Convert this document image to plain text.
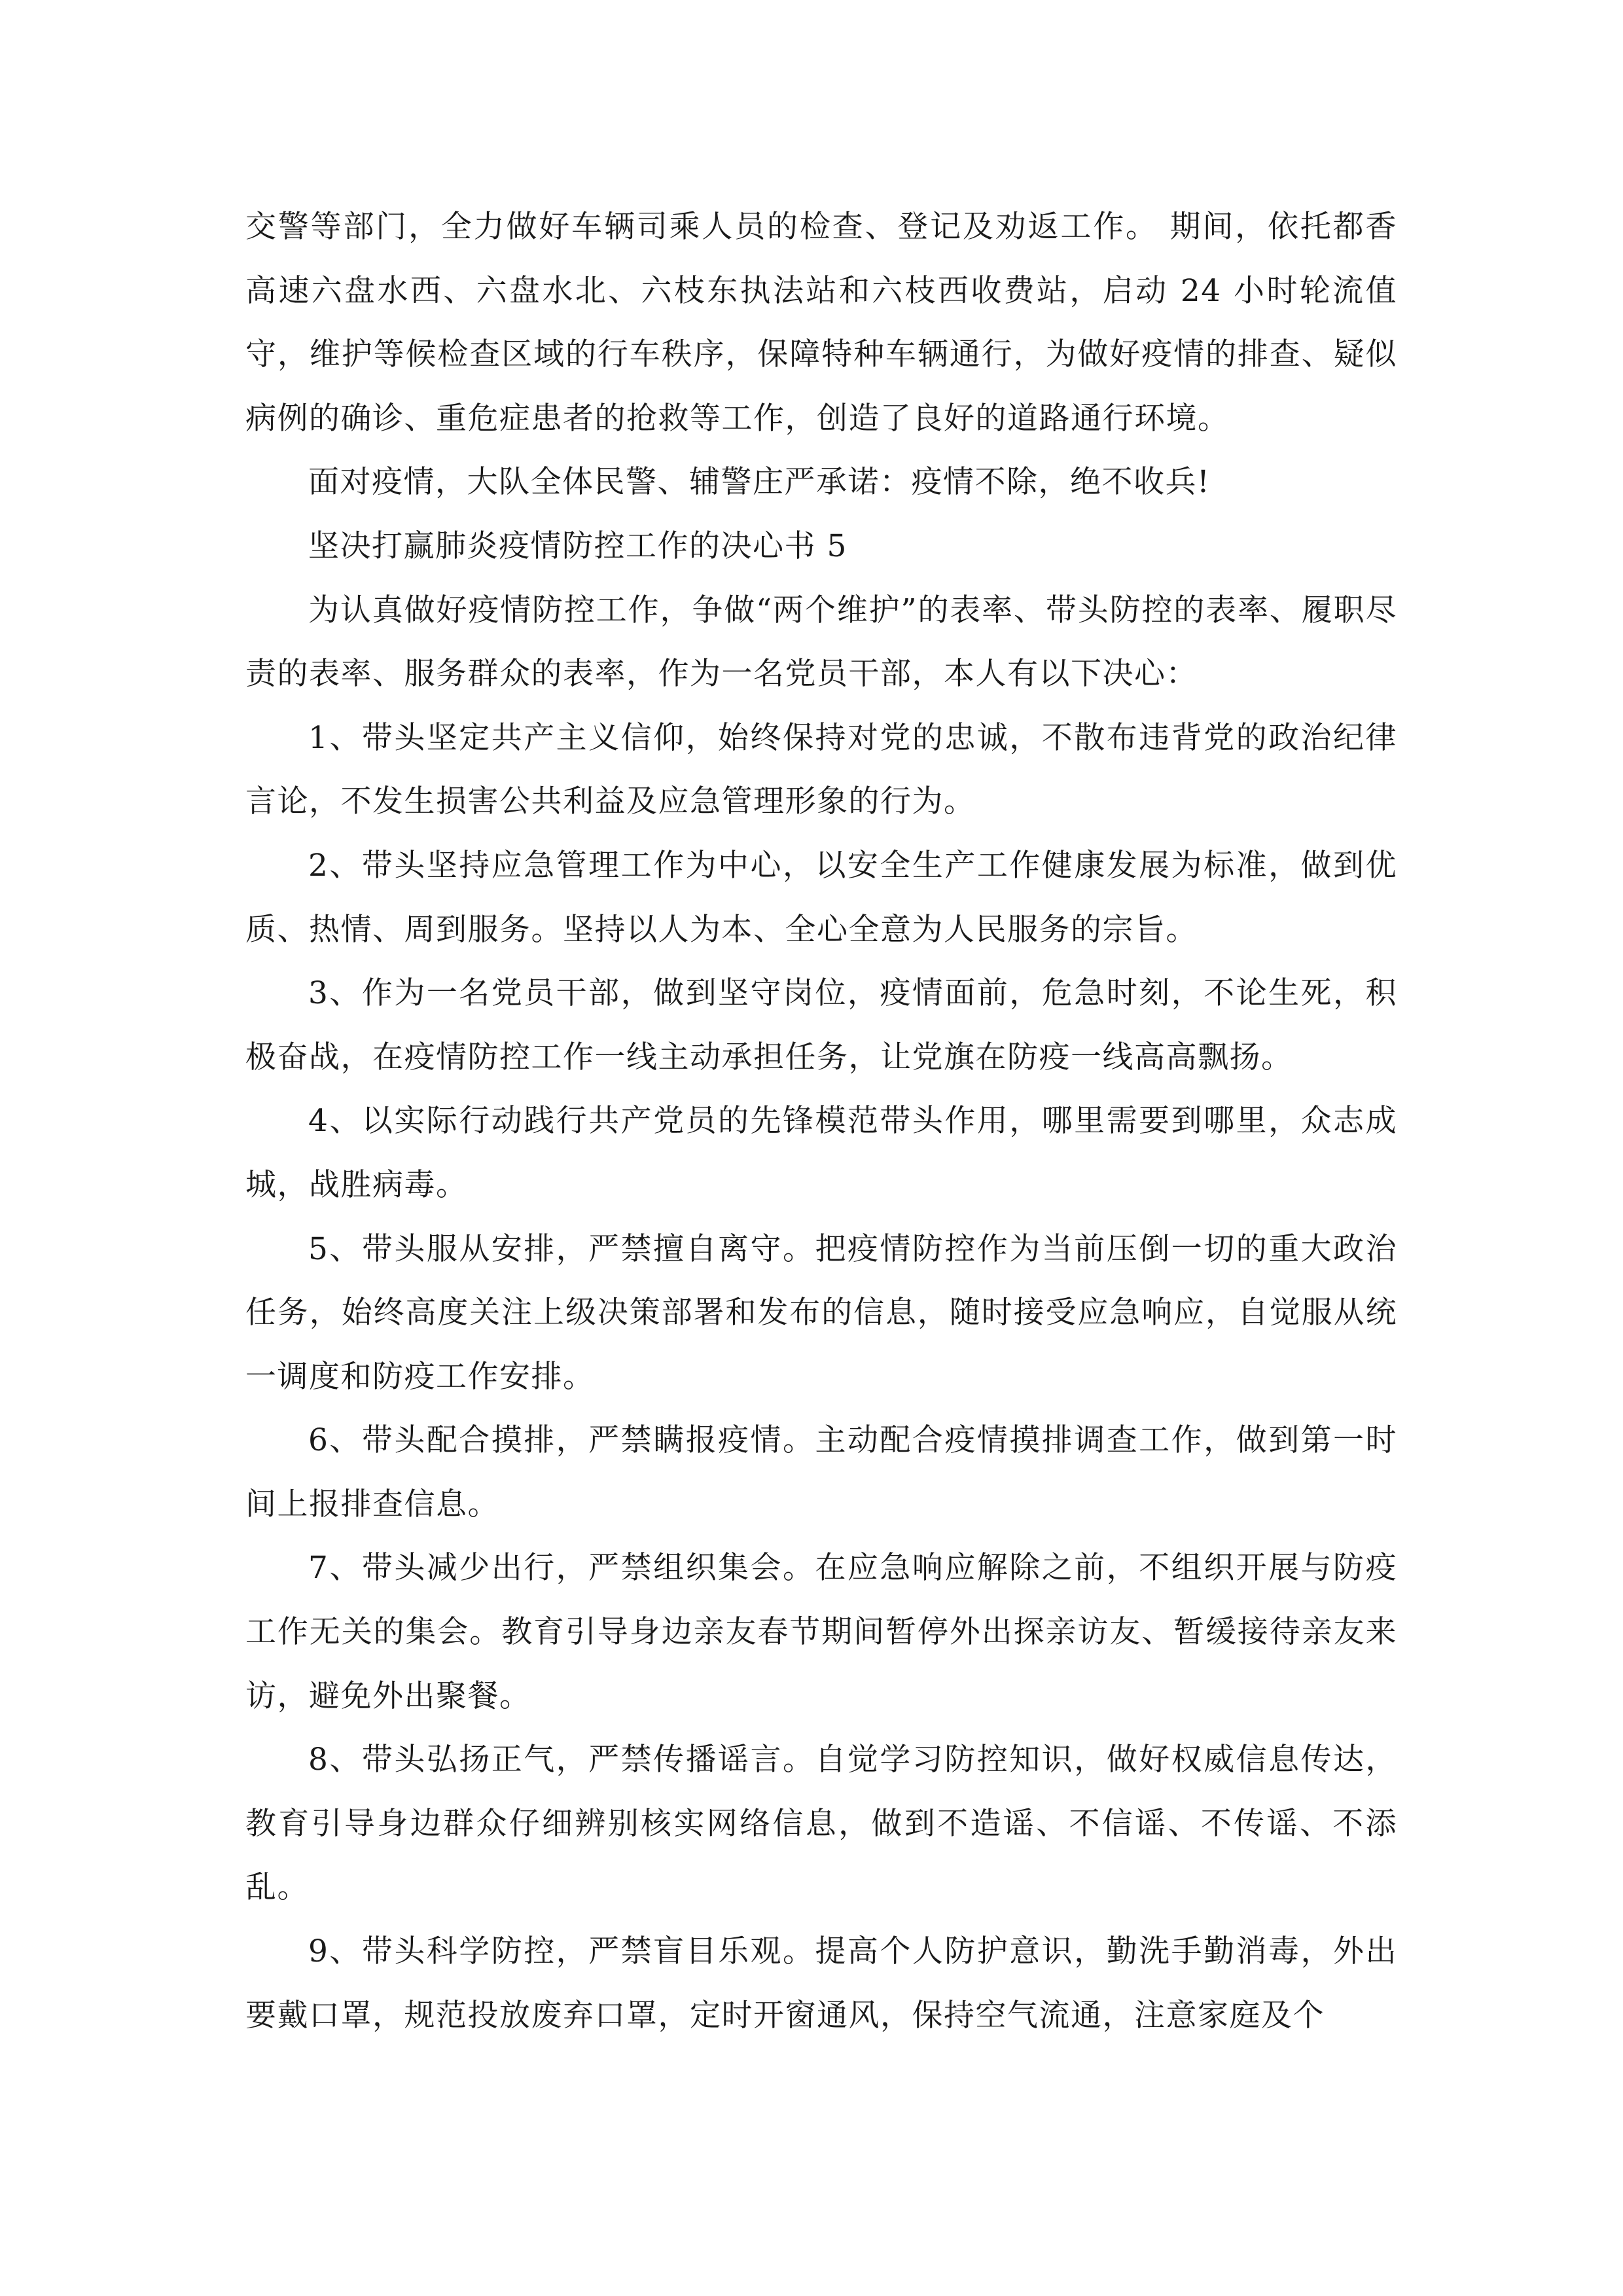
交警等部门，全力做好车辆司乘人员的检查、登记及劝返工作。 期间，依托都香高速六盘水西、六盘水北、六枝东执法站和六枝西收费站，启动 24 小时轮流值守，维护等候检查区域的行车秩序，保障特种车辆通行，为做好疫情的排查、疑似病例的确诊、重危症患者的抢救等工作，创造了良好的道路通行环境。

面对疫情，大队全体民警、辅警庄严承诺：疫情不除，绝不收兵!

坚决打赢肺炎疫情防控工作的决心书 5

为认真做好疫情防控工作，争做“两个维护”的表率、带头防控的表率、履职尽责的表率、服务群众的表率，作为一名党员干部，本人有以下决心：

1、带头坚定共产主义信仰，始终保持对党的忠诚，不散布违背党的政治纪律言论，不发生损害公共利益及应急管理形象的行为。

2、带头坚持应急管理工作为中心，以安全生产工作健康发展为标准，做到优质、热情、周到服务。坚持以人为本、全心全意为人民服务的宗旨。

3、作为一名党员干部，做到坚守岗位，疫情面前，危急时刻，不论生死，积极奋战，在疫情防控工作一线主动承担任务，让党旗在防疫一线高高飘扬。

4、以实际行动践行共产党员的先锋模范带头作用，哪里需要到哪里，众志成城，战胜病毒。

5、带头服从安排，严禁擅自离守。把疫情防控作为当前压倒一切的重大政治任务，始终高度关注上级决策部署和发布的信息，随时接受应急响应，自觉服从统一调度和防疫工作安排。

6、带头配合摸排，严禁瞒报疫情。主动配合疫情摸排调查工作，做到第一时间上报排查信息。

7、带头减少出行，严禁组织集会。在应急响应解除之前，不组织开展与防疫工作无关的集会。教育引导身边亲友春节期间暂停外出探亲访友、暂缓接待亲友来访，避免外出聚餐。

8、带头弘扬正气，严禁传播谣言。自觉学习防控知识，做好权威信息传达，教育引导身边群众仔细辨别核实网络信息，做到不造谣、不信谣、不传谣、不添乱。

9、带头科学防控，严禁盲目乐观。提高个人防护意识，勤洗手勤消毒，外出要戴口罩，规范投放废弃口罩，定时开窗通风，保持空气流通，注意家庭及个
